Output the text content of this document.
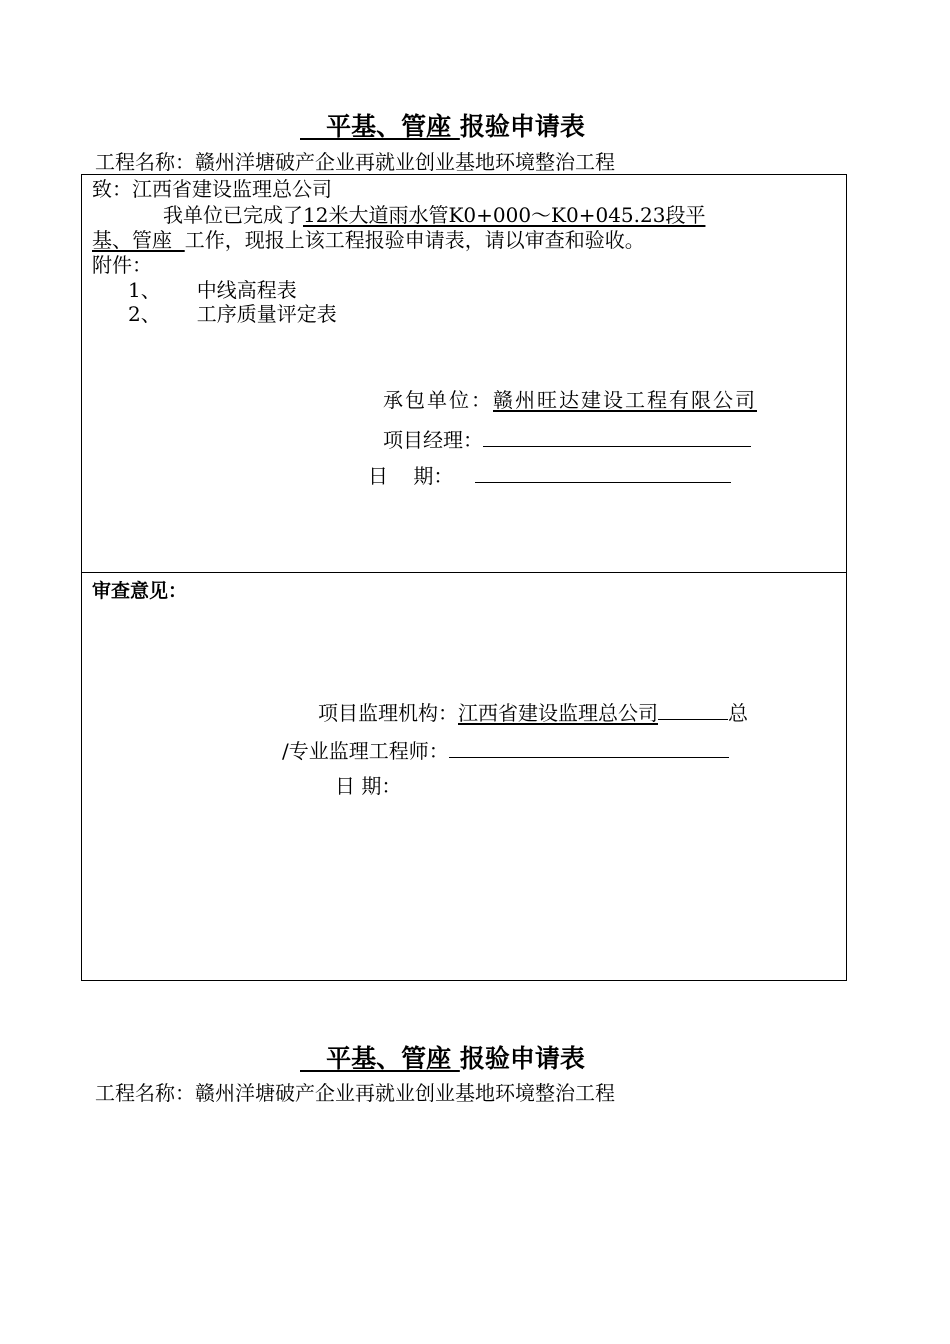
平基、管座 报验申请表
工程名称：赣州洋塘破产企业再就业创业基地环境整治工程
致：江西省建设监理总公司
我单位已完成了12米大道雨水管K0+000～K0+045.23段平
基、管座  工作，现报上该工程报验申请表，请以审查和验收。
附件：
1、 中线高程表
2、 工序质量评定表
承包单位：赣州旺达建设工程有限公司
项目经理：
日    期：
审查意见：
项目监理机构：江西省建设监理总公司	总
/专业监理工程师：
日 期：
平基、管座 报验申请表
工程名称：赣州洋塘破产企业再就业创业基地环境整治工程
